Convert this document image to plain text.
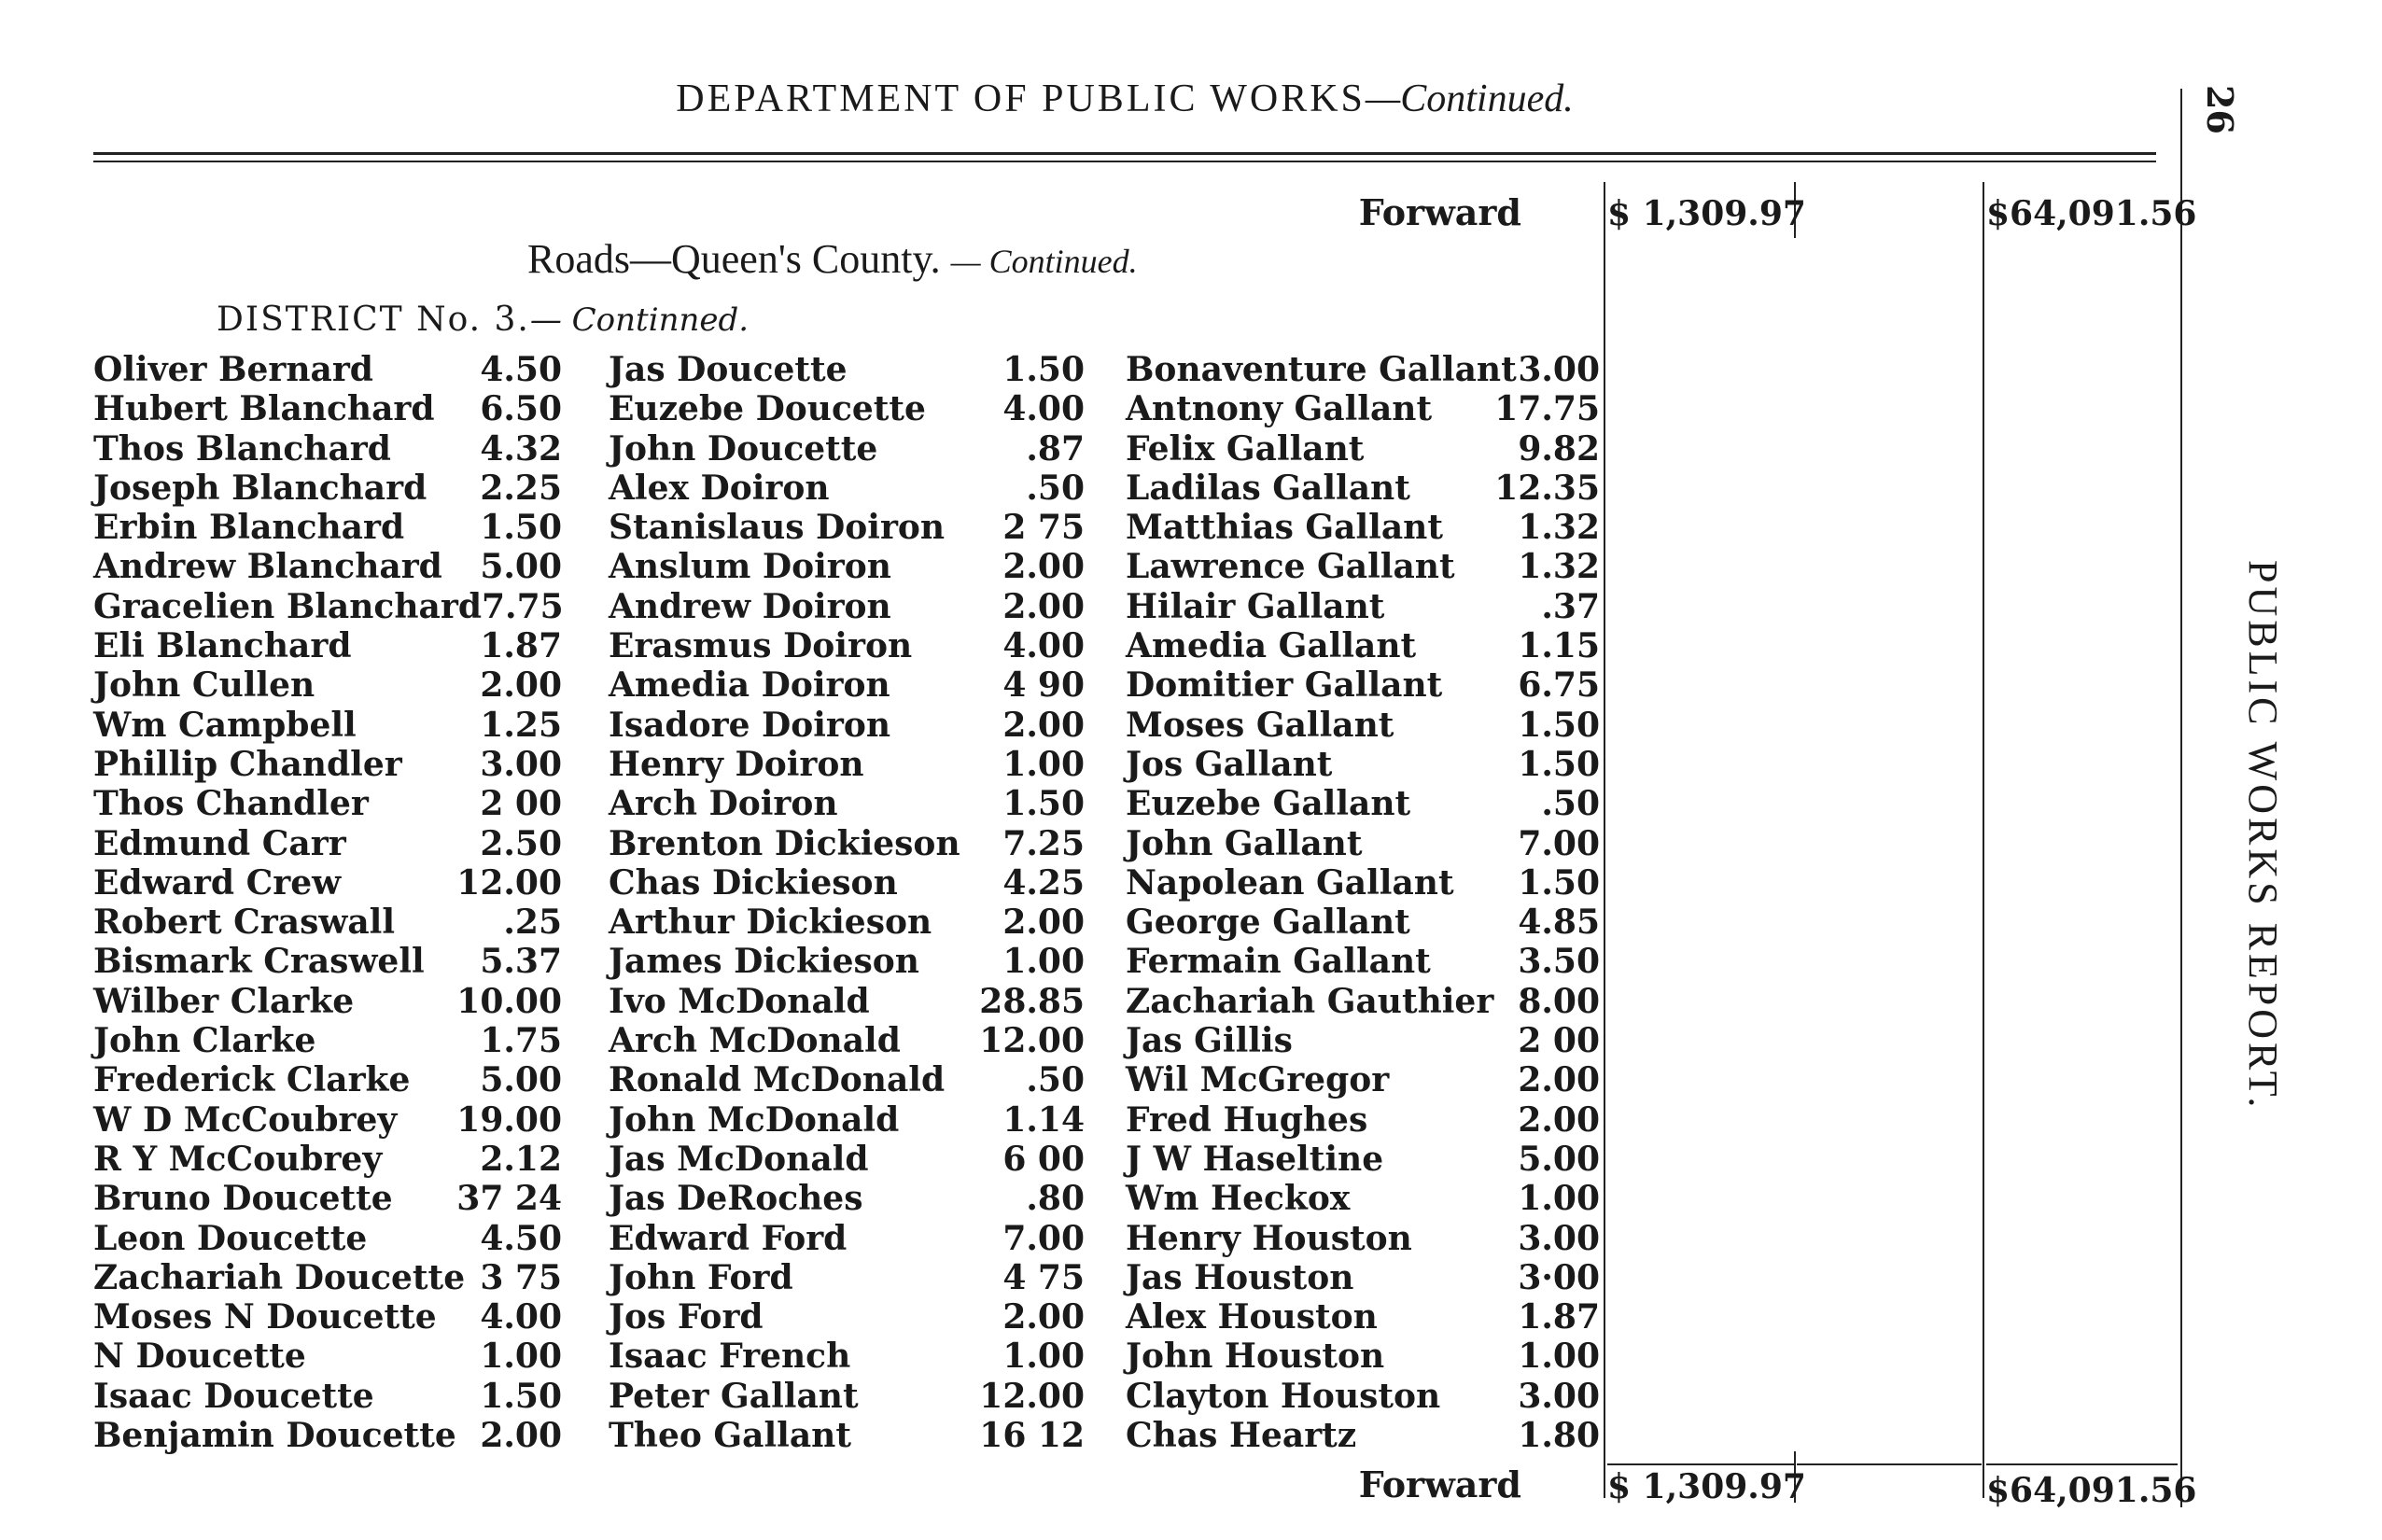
DEPARTMENT OF PUBLIC WORKS—Continued.	26
PUBLIC WORKS REPORT.
Forward	$ 1,309.97	$64,091.56
Roads—Queen's County. — Continued.
DISTRICT No. 3.— Continned.
Oliver Bernard	4.50
Hubert Blanchard	6.50
Thos Blanchard	4.32
Joseph Blanchard	2.25
Erbin Blanchard	1.50
Andrew Blanchard	5.00
Gracelien Blanchard 7.75
Eli Blanchard	1.87
John Cullen	2.00
Wm Campbell	1.25
Phillip Chandler	3.00
Thos Chandler	2 00
Edmund Carr	2.50
Edward Crew	12.00
Robert Craswall	.25
Bismark Craswell	5.37
Wilber Clarke	10.00
John Clarke	1.75
Frederick Clarke	5.00
W D McCoubrey	19.00
R Y McCoubrey	2.12
Bruno Doucette	37 24
Leon Doucette	4.50
Zachariah Doucette 3 75
Moses N Doucette	4.00
N Doucette	1.00
Isaac Doucette	1.50
Benjamin Doucette 2.00
Jas Doucette	1.50
Euzebe Doucette	4.00
John Doucette	.87
Alex Doiron	.50
Stanislaus Doiron	2 75
Anslum Doiron	2.00
Andrew Doiron	2.00
Erasmus Doiron	4.00
Amedia Doiron	4 90
Isadore Doiron	2.00
Henry Doiron	1.00
Arch Doiron	1.50
Brenton Dickieson	7.25
Chas Dickieson	4.25
Arthur Dickieson	2.00
James Dickieson	1.00
Ivo McDonald	28.85
Arch McDonald	12.00
Ronald McDonald	.50
John McDonald	1.14
Jas McDonald	6 00
Jas DeRoches	.80
Edward Ford	7.00
John Ford	4 75
Jos Ford	2.00
Isaac French	1.00
Peter Gallant	12.00
Theo Gallant	16 12
Bonaventure Gallant 3.00
Antnony Gallant	17.75
Felix Gallant	9.82
Ladilas Gallant	12.35
Matthias Gallant	1.32
Lawrence Gallant	1.32
Hilair Gallant	.37
Amedia Gallant	1.15
Domitier Gallant	6.75
Moses Gallant	1.50
Jos Gallant	1.50
Euzebe Gallant	.50
John Gallant	7.00
Napolean Gallant	1.50
George Gallant	4.85
Fermain Gallant	3.50
Zachariah Gauthier 8.00
Jas Gillis	2 00
Wil McGregor	2.00
Fred Hughes	2.00
J W Haseltine	5.00
Wm Heckox	1.00
Henry Houston	3.00
Jas Houston	3·00
Alex Houston	1.87
John Houston	1.00
Clayton Houston	3.00
Chas Heartz	1.80
Forward	$ 1,309.97	$64,091.56
